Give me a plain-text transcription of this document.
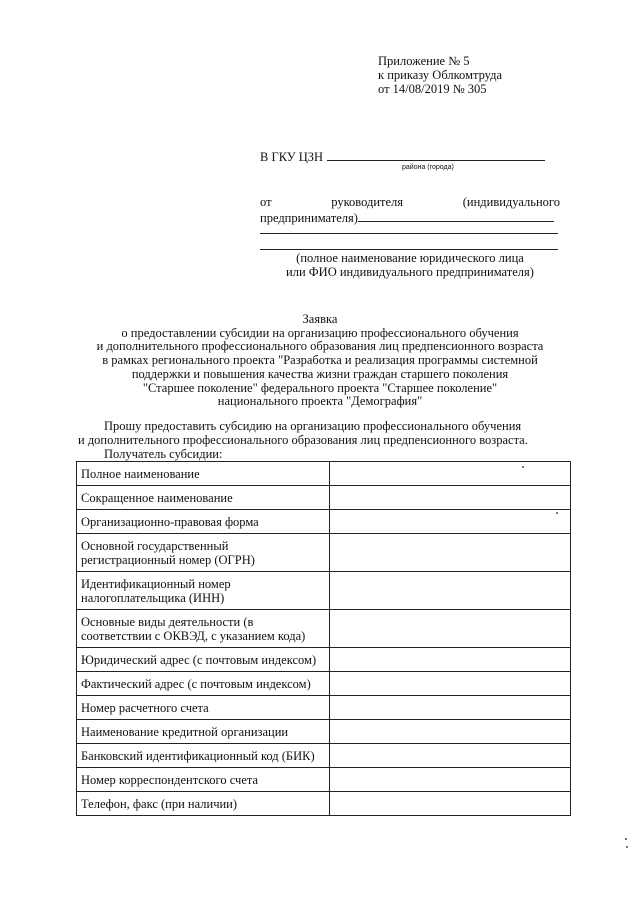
Приложение № 5
к приказу Облкомтруда
от 14/08/2019 № 305
В ГКУ ЦЗН
района (города)
от	руководителя	(индивидуального
предпринимателя)
(полное наименование юридического лица
или ФИО индивидуального предпринимателя)
Заявка
о предоставлении субсидии на организацию профессионального обучения
и дополнительного профессионального образования лиц предпенсионного возраста
в рамках регионального проекта "Разработка и реализация программы системной
поддержки и повышения качества жизни граждан старшего поколения
"Старшее поколение" федерального проекта "Старшее поколение"
национального проекта "Демография"
Прошу предоставить субсидию на организацию профессионального обучения
и дополнительного профессионального образования лиц предпенсионного возраста.
Получатель субсидии:
Полное наименование	

Сокращенное наименование	

Организационно-правовая форма	

Основной государственный
регистрационный номер (ОГРН)	

Идентификационный номер
налогоплательщика (ИНН)	

Основные виды деятельности (в
соответствии с ОКВЭД, с указанием кода)	

Юридический адрес (с почтовым индексом)	

Фактический адрес (с почтовым индексом)	

Номер расчетного счета	

Наименование кредитной организации	

Банковский идентификационный код (БИК)	

Номер корреспондентского счета	

Телефон, факс (при наличии)	
